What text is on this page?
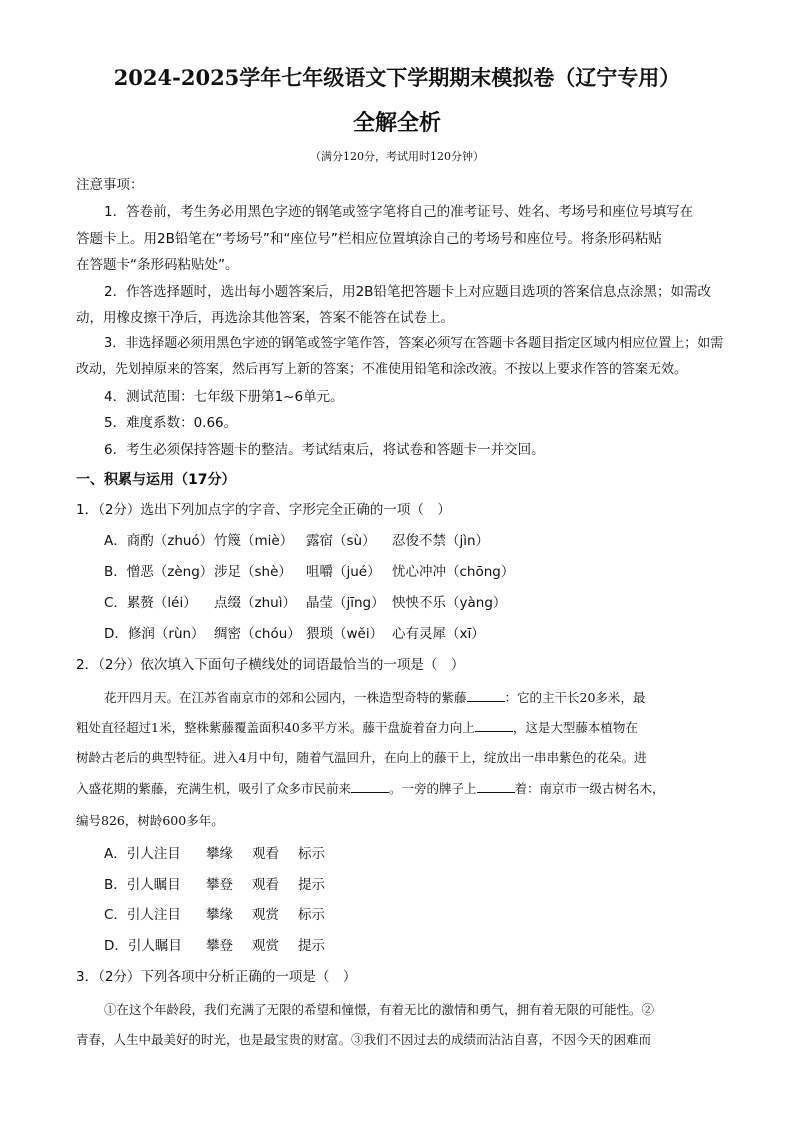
2024-2025学年七年级语文下学期期末模拟卷（辽宁专用）
全解全析
（满分120分，考试用时120分钟）
注意事项：
1．答卷前，考生务必用黑色字迹的钢笔或签字笔将自己的准考证号、姓名、考场号和座位号填写在
答题卡上。用2B铅笔在“考场号”和“座位号”栏相应位置填涂自己的考场号和座位号。将条形码粘贴
在答题卡“条形码粘贴处”。
2．作答选择题时，选出每小题答案后，用2B铅笔把答题卡上对应题目选项的答案信息点涂黑；如需改
动，用橡皮擦干净后，再选涂其他答案，答案不能答在试卷上。
3．非选择题必须用黑色字迹的钢笔或签字笔作答，答案必须写在答题卡各题目指定区域内相应位置上；如需
改动，先划掉原来的答案，然后再写上新的答案；不准使用铅笔和涂改液。不按以上要求作答的答案无效。
4．测试范围：七年级下册第1~6单元。
5．难度系数：0.66。
6．考生必须保持答题卡的整洁。考试结束后，将试卷和答题卡一并交回。
一、积累与运用（17分）
1．（2分）选出下列加点字的字音、字形完全正确的一项（　）
A．商酌（zhuó）竹篾（miè） 露宿（sù） 忍俊不禁（jìn）
B．憎恶（zèng）涉足（shè） 咀嚼（jué） 忧心冲冲（chōng）
C．累赘（léi） 点缀（zhuì） 晶莹（jīng） 怏怏不乐（yàng）
D．修润（rùn） 绸密（chóu） 猥琐（wěi） 心有灵犀（xī）
2．（2分）依次填入下面句子横线处的词语最恰当的一项是（　）
花开四月天。在江苏省南京市的郊和公园内，一株造型奇特的紫藤	：它的主干长20多米，最
粗处直径超过1米，整株紫藤覆盖面积40多平方米。藤干盘旋着奋力向上	，这是大型藤本植物在
树龄古老后的典型特征。进入4月中旬，随着气温回升，在向上的藤干上，绽放出一串串紫色的花朵。进
入盛花期的紫藤，充满生机，吸引了众多市民前来	。一旁的牌子上	着：南京市一级古树名木，
编号826，树龄600多年。
A．引人注目 攀缘 观看 标示
B．引人瞩目 攀登 观看 提示
C．引人注目 攀缘 观赏 标示
D．引人瞩目 攀登 观赏 提示
3．（2分）下列各项中分析正确的一项是（　）
①在这个年龄段，我们充满了无限的希望和憧憬，有着无比的激情和勇气，拥有着无限的可能性。②
青春，人生中最美好的时光，也是最宝贵的财富。③我们不因过去的成绩而沾沾自喜，不因今天的困难而
